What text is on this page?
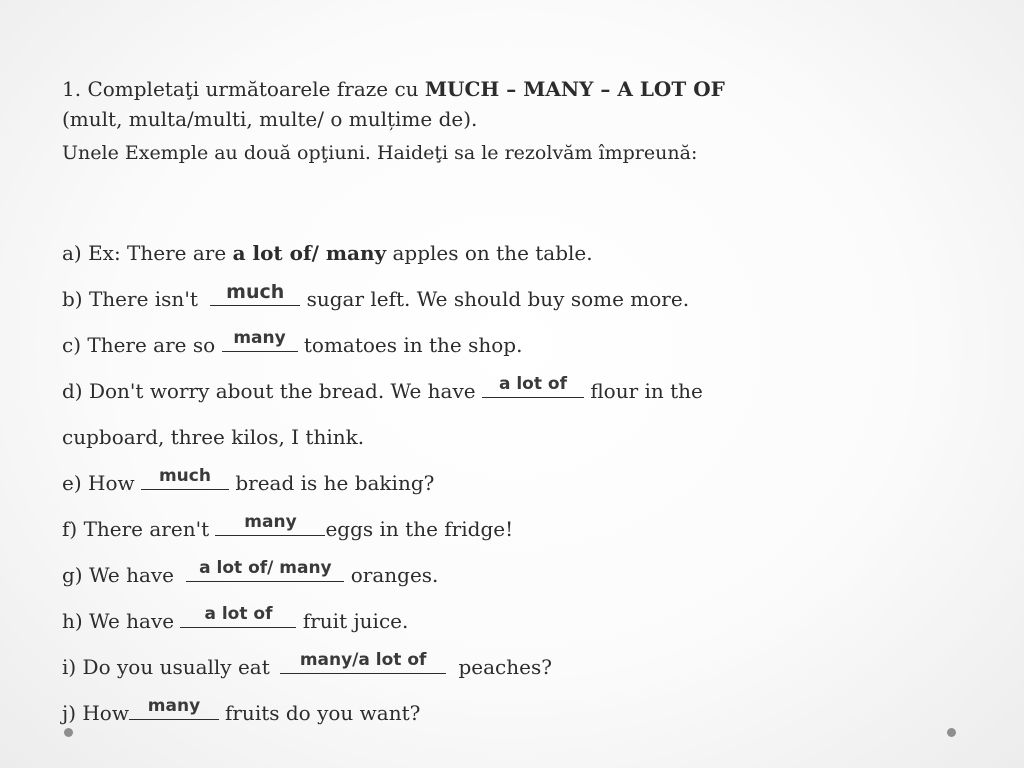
1. Completaţi următoarele fraze cu MUCH – MANY – A LOT OF
(mult, multa/multi, multe/ o mulțime de).
Unele Exemple au două opţiuni. Haideţi sa le rezolvăm împreună:
a) Ex: There are a lot of/ many apples on the table.
b) There isn't	much	sugar left. We should buy some more.
c) There are so	many tomatoes in the shop.
d) Don't worry about the bread. We have	a lot of	flour in the
cupboard, three kilos, I think.
e) How	much	bread is he baking?
f) There aren't	many	eggs in the fridge!
g) We have	a lot of/ many oranges.
h) We have	a lot of	fruit juice.
i) Do you usually eat	many/a lot of	peaches?
j) How	many	fruits do you want?
